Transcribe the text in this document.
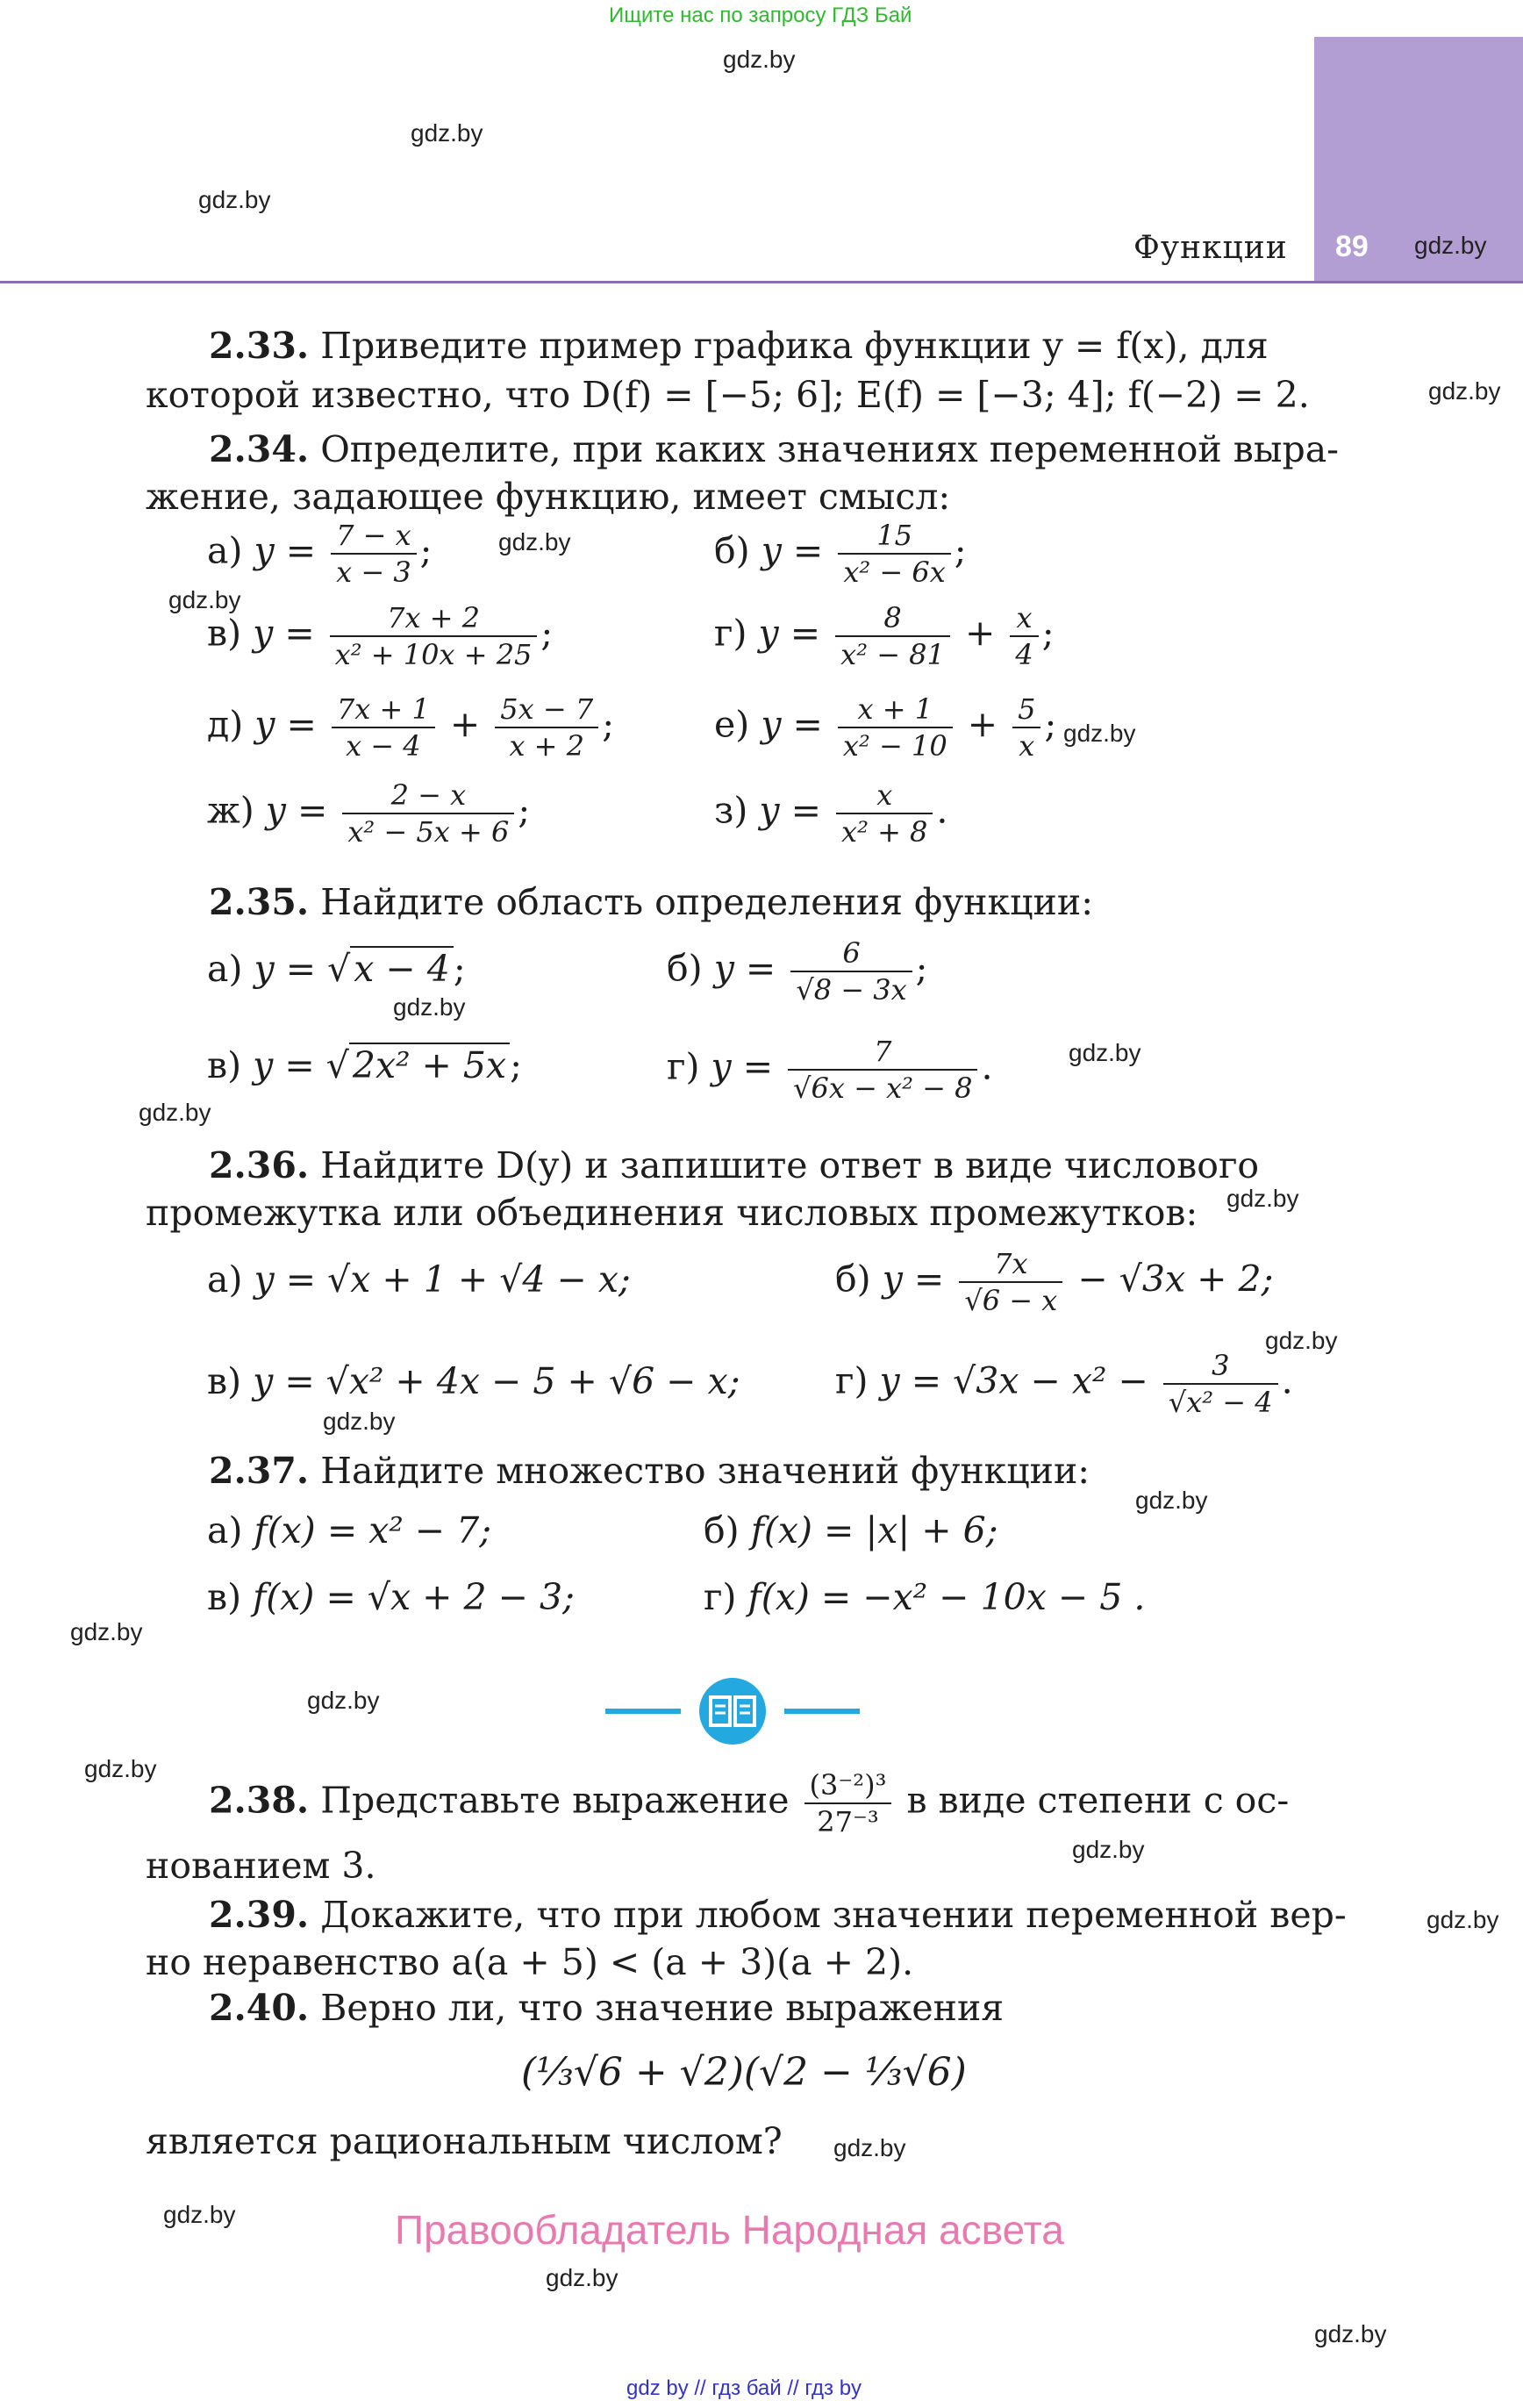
Ищите нас по запросу ГДЗ Бай
89
Функции
gdz.by
gdz.by
gdz.by
gdz.by
gdz.by
gdz.by
gdz.by
gdz.by
gdz.by
gdz.by
gdz.by
gdz.by
gdz.by
gdz.by
gdz.by
gdz.by
gdz.by
gdz.by
gdz.by
gdz.by
gdz.by
gdz.by
gdz.by
gdz.by
2.33. Приведите пример графика функции y = f(x), для
которой известно, что D(f) = [−5; 6]; E(f) = [−3; 4]; f(−2) = 2.
2.34. Определите, при каких значениях переменной выра-
жение, задающее функцию, имеет смысл:
а) $y = \frac{7 - x}{x - 3}$ ;	б) $y = \frac{15}{\text{x² − 6x}}$ ;
в) $y = \frac{7x + 2}{\text{x² + 10x + 25}}$ ;	г) $y = \frac{8}{\text{x² − 81}} + \frac{x}{4}$ ;
д) $y = \frac{7x + 1}{x - 4} + \frac{5x - 7}{x + 2}$ ;	е) $y = \frac{x + 1}{\text{x² − 10}} + \frac{5}{x}$ ;
ж) $y = \frac{2 - x}{\text{x² − 5x + 6}}$ ;	з) $y = \frac{x}{\text{x² + 8}}$ .
2.35. Найдите область определения функции:
а) y = √x − 4;	б) $y = \frac{6}{√8 - 3x}$ ;
в) y = √2x² + 5x;	г) $y = \frac{7}{\text{√6x − x² − 8}}$ .
2.36. Найдите D(y) и запишите ответ в виде числового
промежутка или объединения числовых промежутков:
а) y = √x + 1 + √4 − x;	б) $y = \frac{7x}{√6 - x} - √3x + 2$;
в) y = √x² + 4x − 5 + √6 − x;	г) $y = √3x - x^2 - \frac{3}{\text{√x² − 4}}$ .
2.37. Найдите множество значений функции:
а) f(x) = x² − 7;	б) f(x) = |x| + 6;
в) f(x) = √x + 2 − 3;	г) f(x) = −x² − 10x − 5 .
2.38. Представьте выражение $\frac{\text{(3⁻²)³}}{\text{27⁻³}}$ в виде степени с ос-
нованием 3.
2.39. Докажите, что при любом значении переменной вер-
но неравенство a(a + 5) < (a + 3)(a + 2).
2.40. Верно ли, что значение выражения
(⅓√6 + √2)(√2 − ⅓√6)
является рациональным числом?
Правообладатель Народная асвета
gdz by // гдз бай // гдз by
